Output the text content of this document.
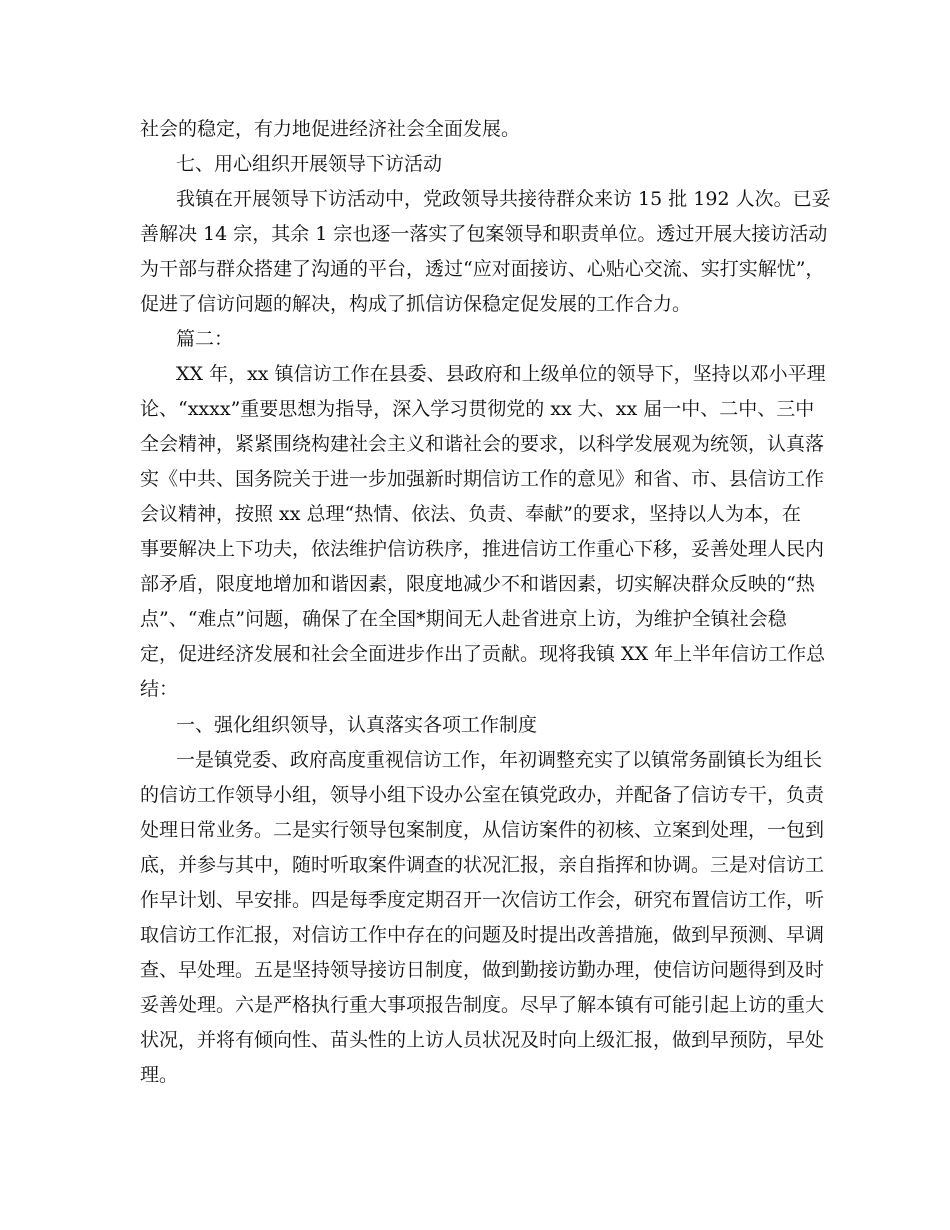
社会的稳定，有力地促进经济社会全面发展。

七、用心组织开展领导下访活动

我镇在开展领导下访活动中，党政领导共接待群众来访 15 批 192 人次。已妥

善解决 14 宗，其余 1 宗也逐一落实了包案领导和职责单位。透过开展大接访活动

为干部与群众搭建了沟通的平台，透过“应对面接访、心贴心交流、实打实解忧”，

促进了信访问题的解决，构成了抓信访保稳定促发展的工作合力。

篇二：

XX 年，xx 镇信访工作在县委、县政府和上级单位的领导下，坚持以邓小平理

论、“xxxx”重要思想为指导，深入学习贯彻党的 xx 大、xx 届一中、二中、三中

全会精神，紧紧围绕构建社会主义和谐社会的要求，以科学发展观为统领，认真落

实《中共、国务院关于进一步加强新时期信访工作的意见》和省、市、县信访工作

会议精神，按照 xx 总理“热情、依法、负责、奉献”的要求，坚持以人为本，在

事要解决上下功夫，依法维护信访秩序，推进信访工作重心下移，妥善处理人民内

部矛盾，限度地增加和谐因素，限度地减少不和谐因素，切实解决群众反映的“热

点”、“难点”问题，确保了在全国*期间无人赴省进京上访，为维护全镇社会稳

定，促进经济发展和社会全面进步作出了贡献。现将我镇 XX 年上半年信访工作总

结：

一、强化组织领导，认真落实各项工作制度

一是镇党委、政府高度重视信访工作，年初调整充实了以镇常务副镇长为组长

的信访工作领导小组，领导小组下设办公室在镇党政办，并配备了信访专干，负责

处理日常业务。二是实行领导包案制度，从信访案件的初核、立案到处理，一包到

底，并参与其中，随时听取案件调查的状况汇报，亲自指挥和协调。三是对信访工

作早计划、早安排。四是每季度定期召开一次信访工作会，研究布置信访工作，听

取信访工作汇报，对信访工作中存在的问题及时提出改善措施，做到早预测、早调

查、早处理。五是坚持领导接访日制度，做到勤接访勤办理，使信访问题得到及时

妥善处理。六是严格执行重大事项报告制度。尽早了解本镇有可能引起上访的重大

状况，并将有倾向性、苗头性的上访人员状况及时向上级汇报，做到早预防，早处

理。
